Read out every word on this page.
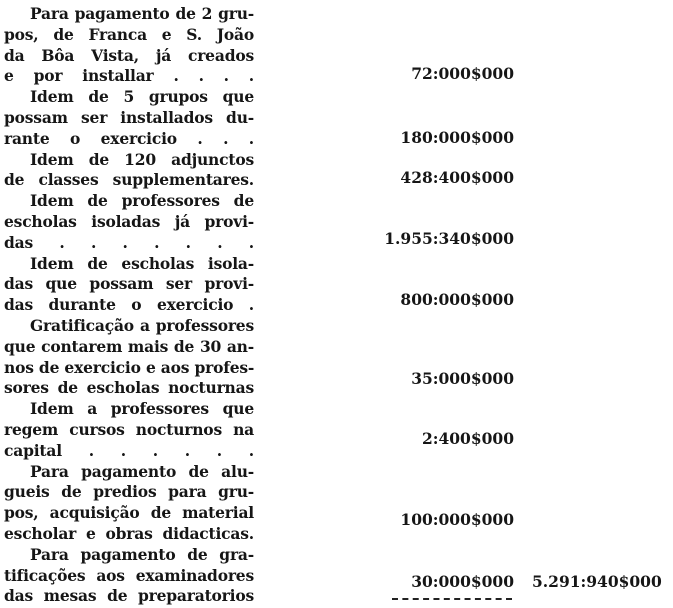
Para pagamento de 2 gru-
pos, de Franca e S. João
da Bôa Vista, já creados
e por installar . . . .
Idem de 5 grupos que
possam ser installados du-
rante o exercicio . . .
Idem de 120 adjunctos
de classes supplementares.
Idem de professores de
escholas isoladas já provi-
das . . . . . . .
Idem de escholas isola-
das que possam ser provi-
das durante o exercicio .
Gratificação a professores
que contarem mais de 30 an-
nos de exercicio e aos profes-
sores de escholas nocturnas
Idem a professores que
regem cursos nocturnos na
capital . . . . . .
Para pagamento de alu-
gueis de predios para gru-
pos, acquisição de material
escholar e obras didacticas.
Para pagamento de gra-
tificações aos examinadores
das mesas de preparatorios
72:000$000
180:000$000
428:400$000
1.955:340$000
800:000$000
35:000$000
2:400$000
100:000$000
30:000$000 5.291:940$000
